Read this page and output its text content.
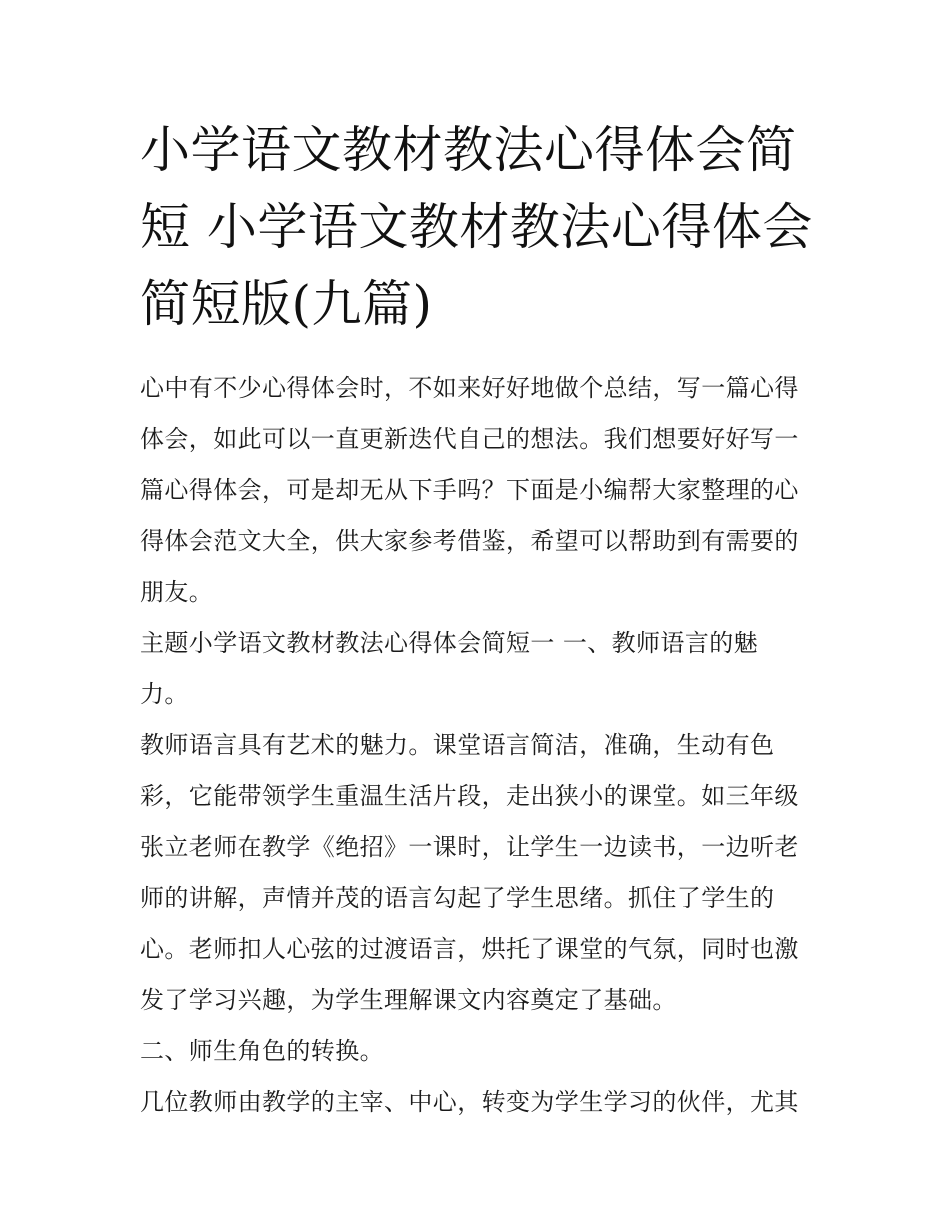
小学语文教材教法心得体会简
短 小学语文教材教法心得体会
简短版(九篇)

心中有不少心得体会时，不如来好好地做个总结，写一篇心得
体会，如此可以一直更新迭代自己的想法。我们想要好好写一
篇心得体会，可是却无从下手吗？下面是小编帮大家整理的心
得体会范文大全，供大家参考借鉴，希望可以帮助到有需要的
朋友。

主题小学语文教材教法心得体会简短一 一、教师语言的魅
力。

教师语言具有艺术的魅力。课堂语言简洁，准确，生动有色
彩，它能带领学生重温生活片段，走出狭小的课堂。如三年级
张立老师在教学《绝招》一课时，让学生一边读书，一边听老
师的讲解，声情并茂的语言勾起了学生思绪。抓住了学生的
心。老师扣人心弦的过渡语言，烘托了课堂的气氛，同时也激
发了学习兴趣，为学生理解课文内容奠定了基础。

二、师生角色的转换。

几位教师由教学的主宰、中心，转变为学生学习的伙伴，尤其
